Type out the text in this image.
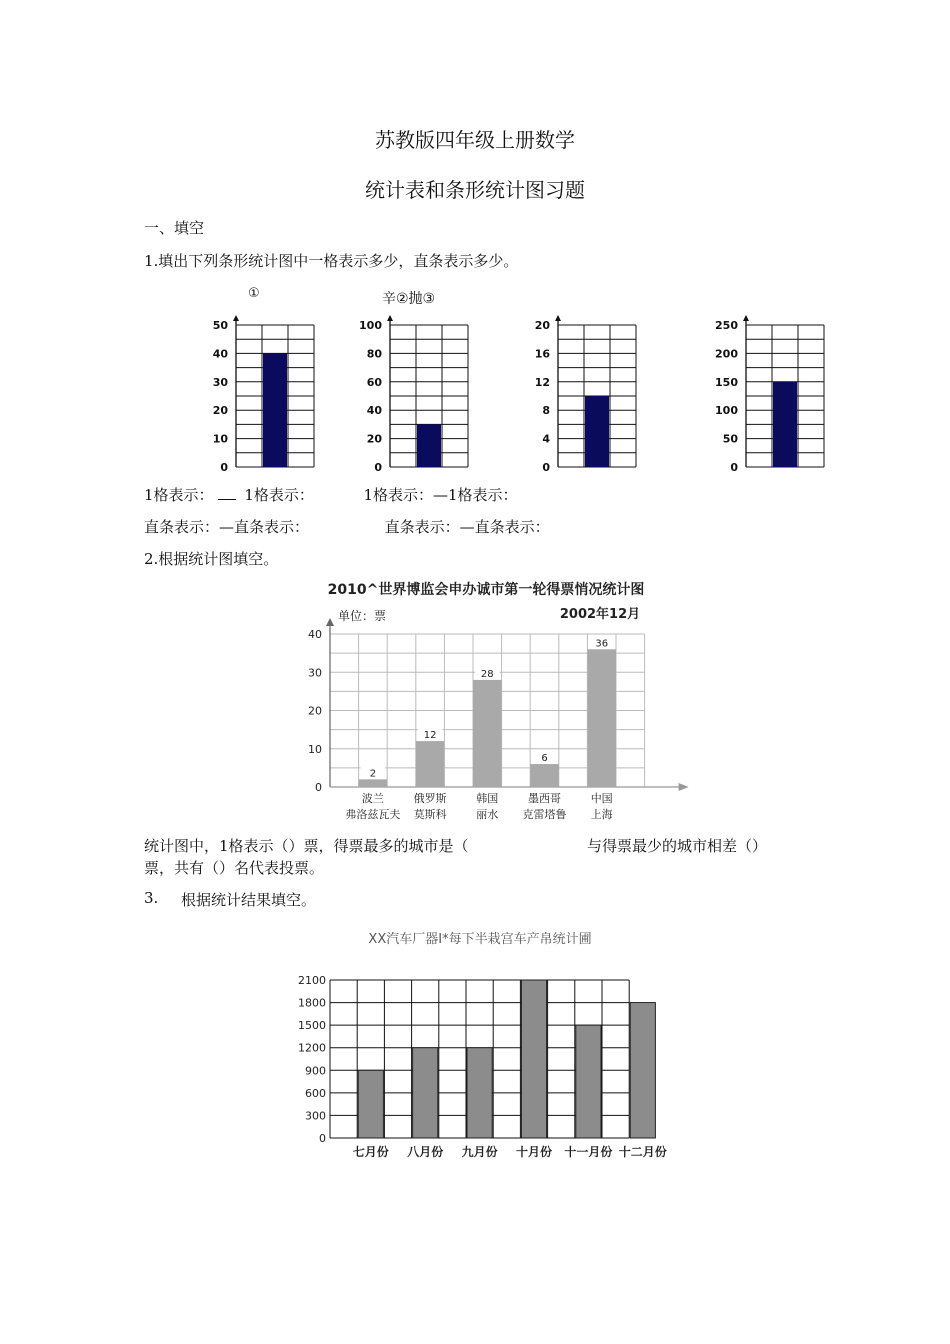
苏教版四年级上册数学
统计表和条形统计图习题
一、填空
1.填出下列条形统计图中一格表示多少，直条表示多少。
①	辛②抛③
0
10
20
30
40
50
0
20
40
60
80
100
0
4
8
12
16
20
0
50
100
150
200
250
1格表示： 1格表示：	1格表示：—1格表示：
直条表示：—直条表示：	直条表示：—直条表示：
2.根据统计图填空。
2010^世界博监会申办诚市第一轮得票悄况统计图
单位：票	2002年12月
0
10
20
30
40
2
波兰
弗洛兹瓦夫
12
俄罗斯
莫斯科
28
韩国
丽水
6
墨西哥
克雷塔鲁
36
中国
上海
统计图中，1格表示（）票，得票最多的城市是（	与得票最少的城市相差（）
票，共有（）名代表投票。
3. 根据统计结果填空。
XX汽车厂器I*每下半栽宫车产帛统计圃
0
300
600
900
1200
1500
1800
2100
七月份 八月份 九月份 十月份 十一月份 十二月份
